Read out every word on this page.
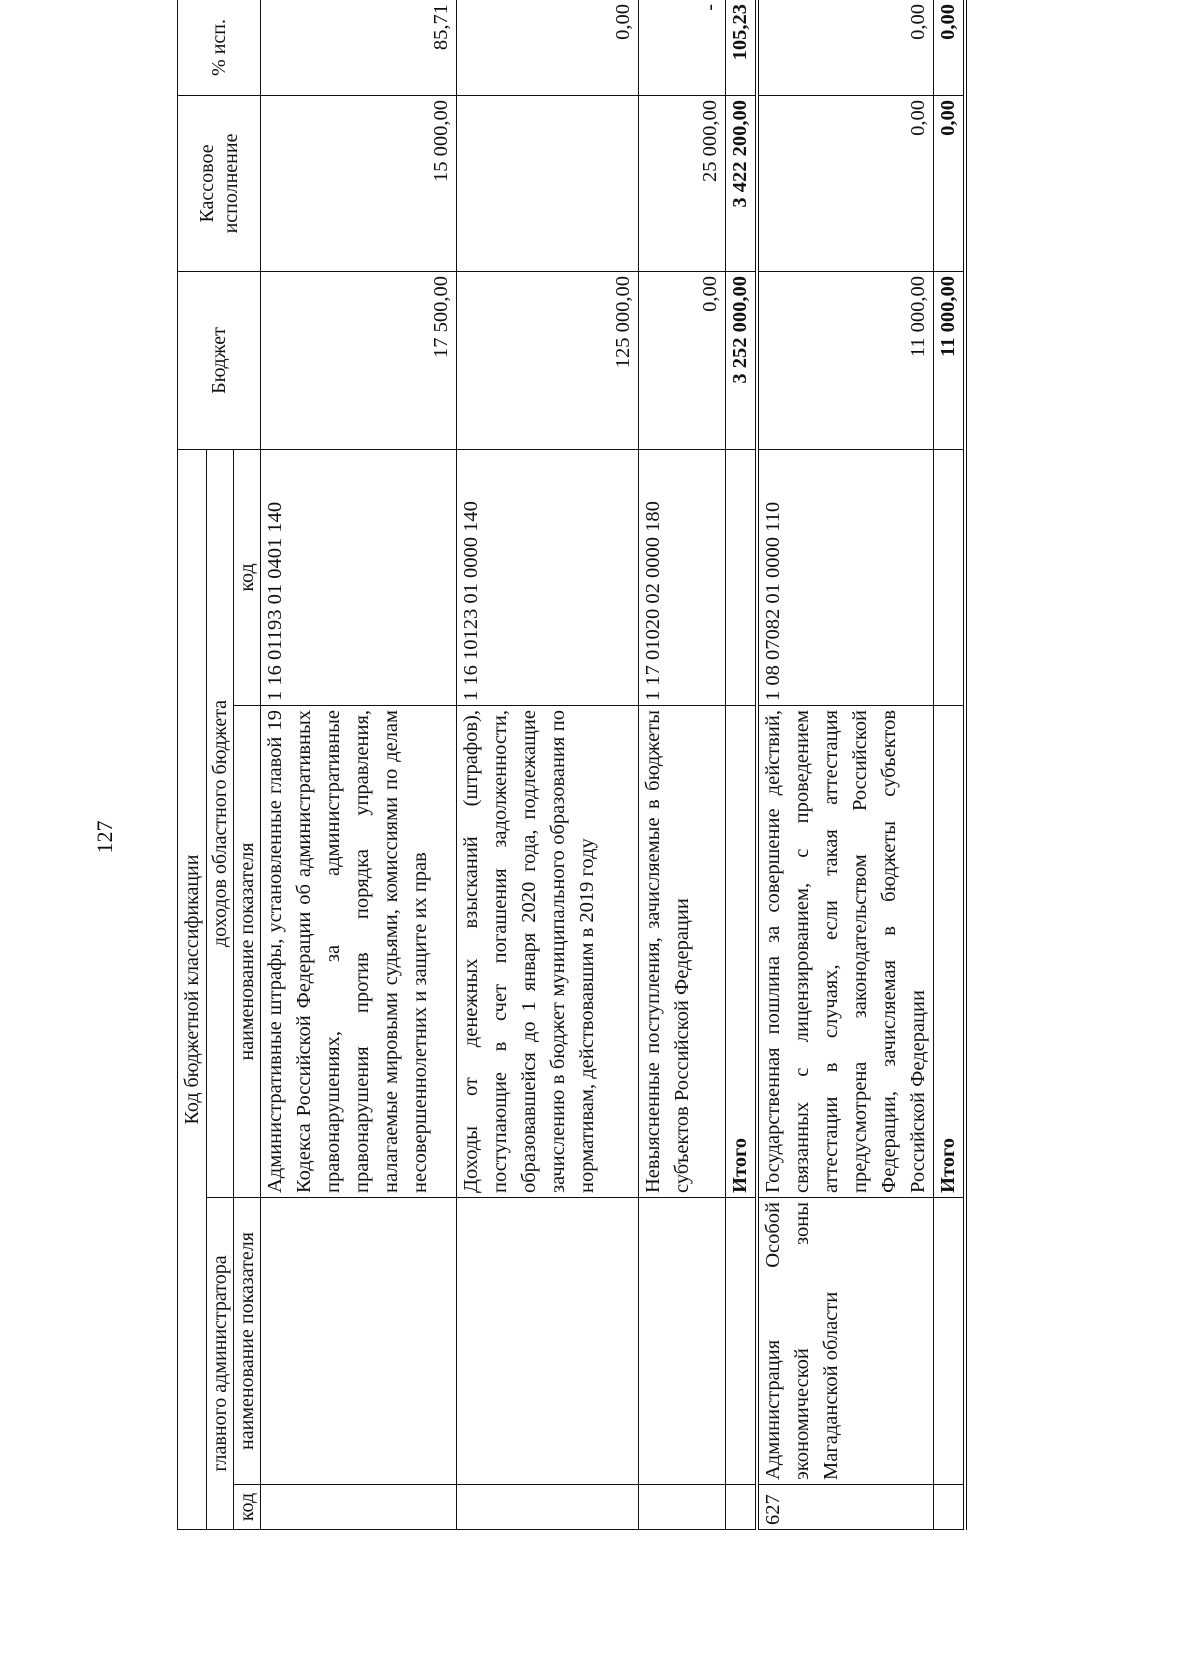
127
Код бюджетной классификации				Бюджет	Кассовое исполнение	% исп.
главного администратора		доходов областного бюджета				
код	наименование показателя	наименование показателя	код			
		Административные штрафы, установленные главой 19 Кодекса Российской Федерации об административных правонарушениях, за административные правонарушения против порядка управления, налагаемые мировыми судьями, комиссиями по делам несовершеннолетних и защите их прав	1 16 01193 01 0401 140	17 500,00	15 000,00	85,71
		Доходы от денежных взысканий (штрафов), поступающие в счет погашения задолженности, образовавшейся до 1 января 2020 года, подлежащие зачислению в бюджет муниципального образования по нормативам, действовавшим в 2019 году	1 16 10123 01 0000 140	125 000,00		0,00
		Невыясненные поступления, зачисляемые в бюджеты субъектов Российской Федерации	1 17 01020 02 0000 180	0,00	25 000,00	-
		Итого		3 252 000,00	3 422 200,00	105,23
627	Администрация Особой экономической зоны Магаданской области	Государственная пошлина за совершение действий, связанных с лицензированием, с проведением аттестации в случаях, если такая аттестация предусмотрена законодательством Российской Федерации, зачисляемая в бюджеты субъектов Российской Федерации	1 08 07082 01 0000 110	11 000,00	0,00	0,00
		Итого		11 000,00	0,00	0,00
